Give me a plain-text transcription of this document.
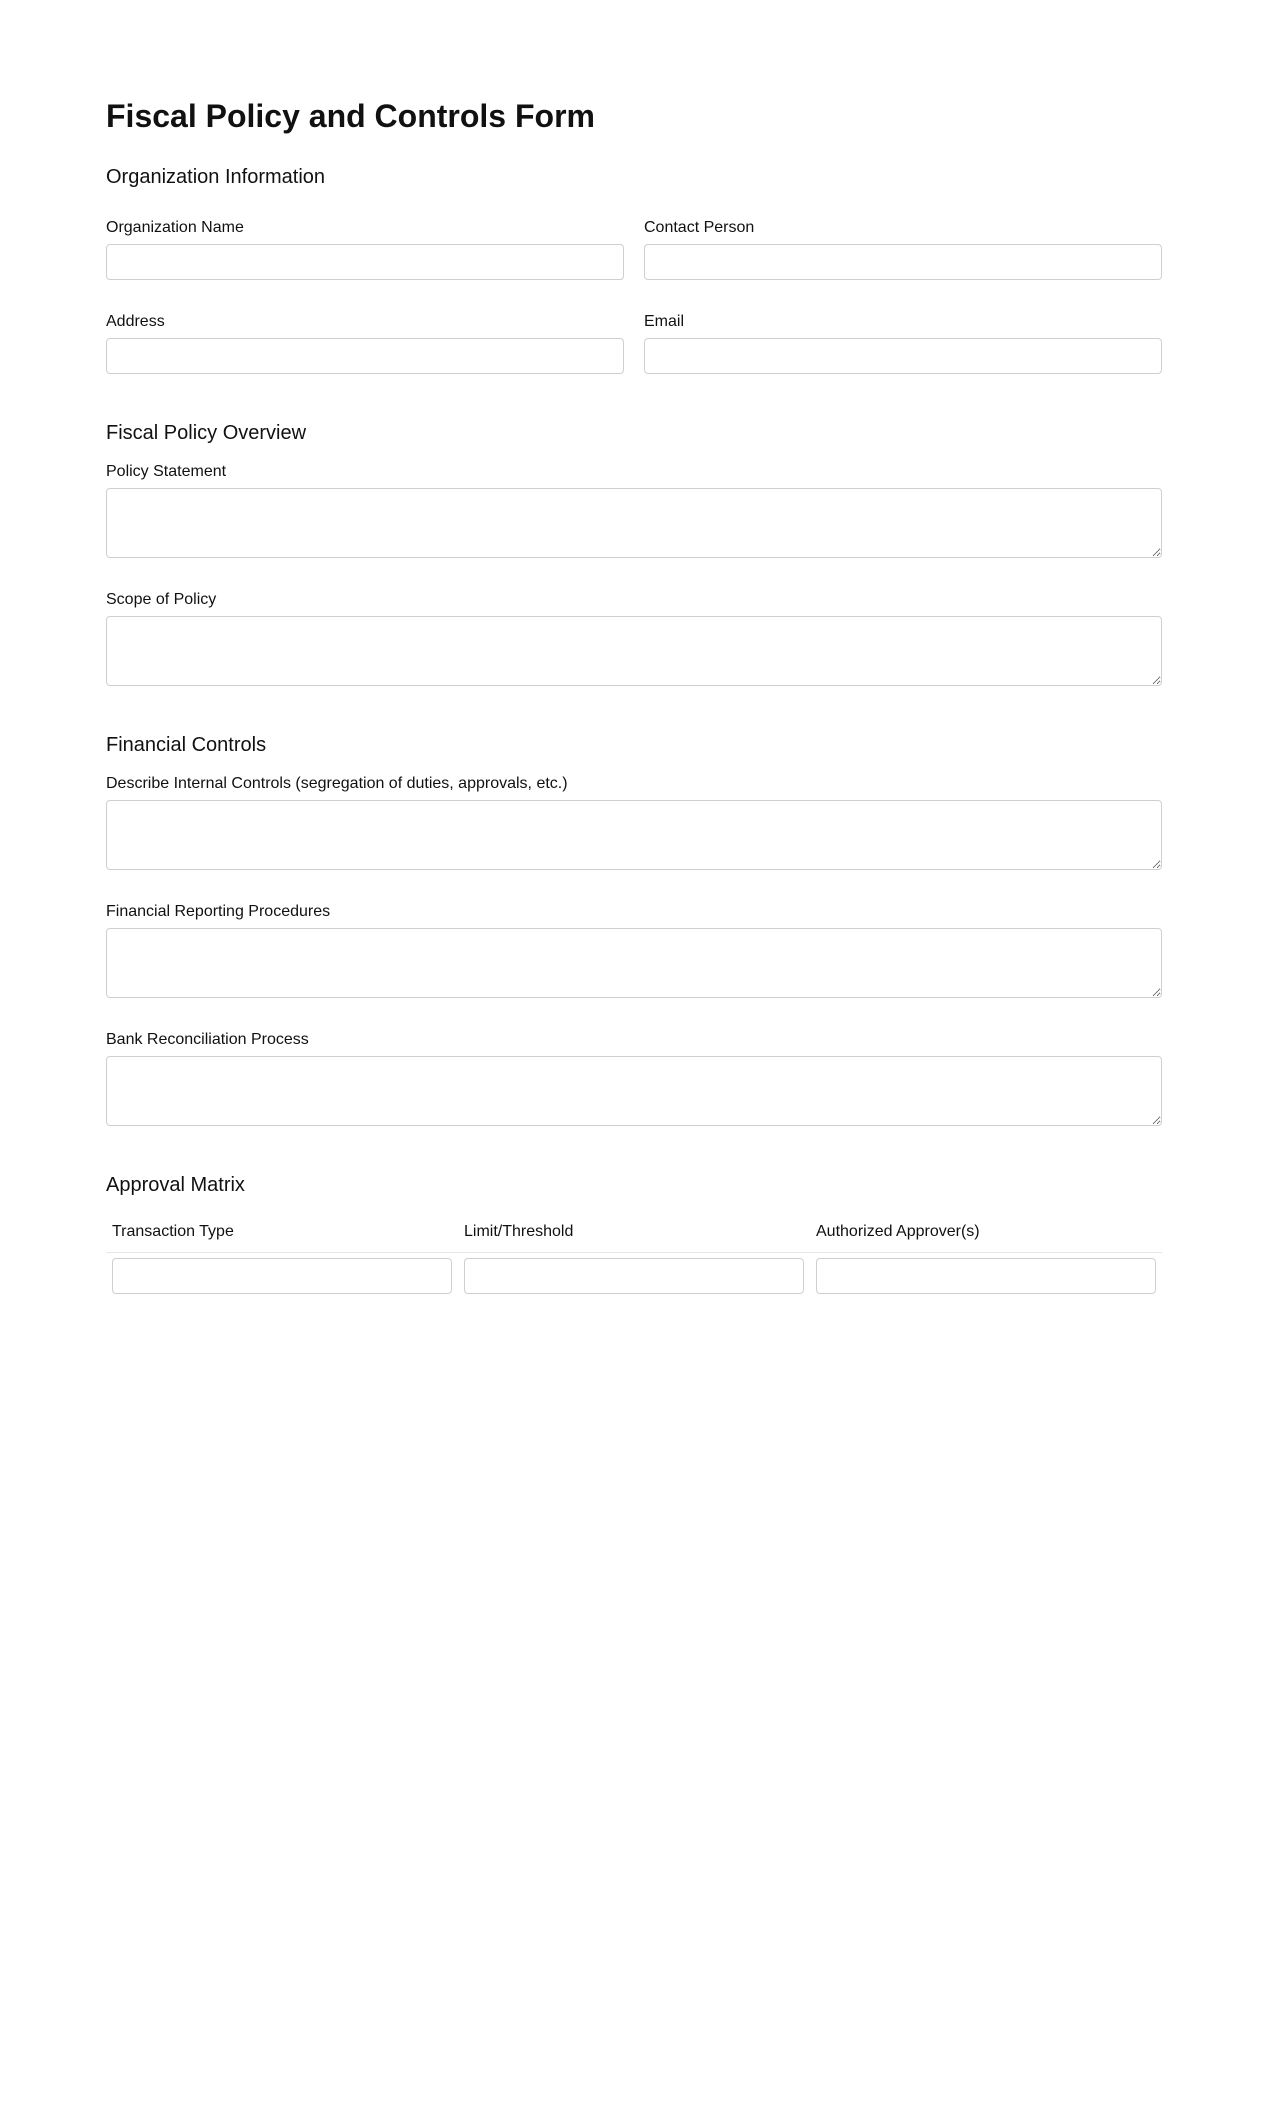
Fiscal Policy and Controls Form
Organization Information
Organization Name	Contact Person
Address	Email
Fiscal Policy Overview
Policy Statement
Scope of Policy
Financial Controls
Describe Internal Controls (segregation of duties, approvals, etc.)
Financial Reporting Procedures
Bank Reconciliation Process
Approval Matrix
Transaction Type	Limit/Threshold	Authorized Approver(s)
